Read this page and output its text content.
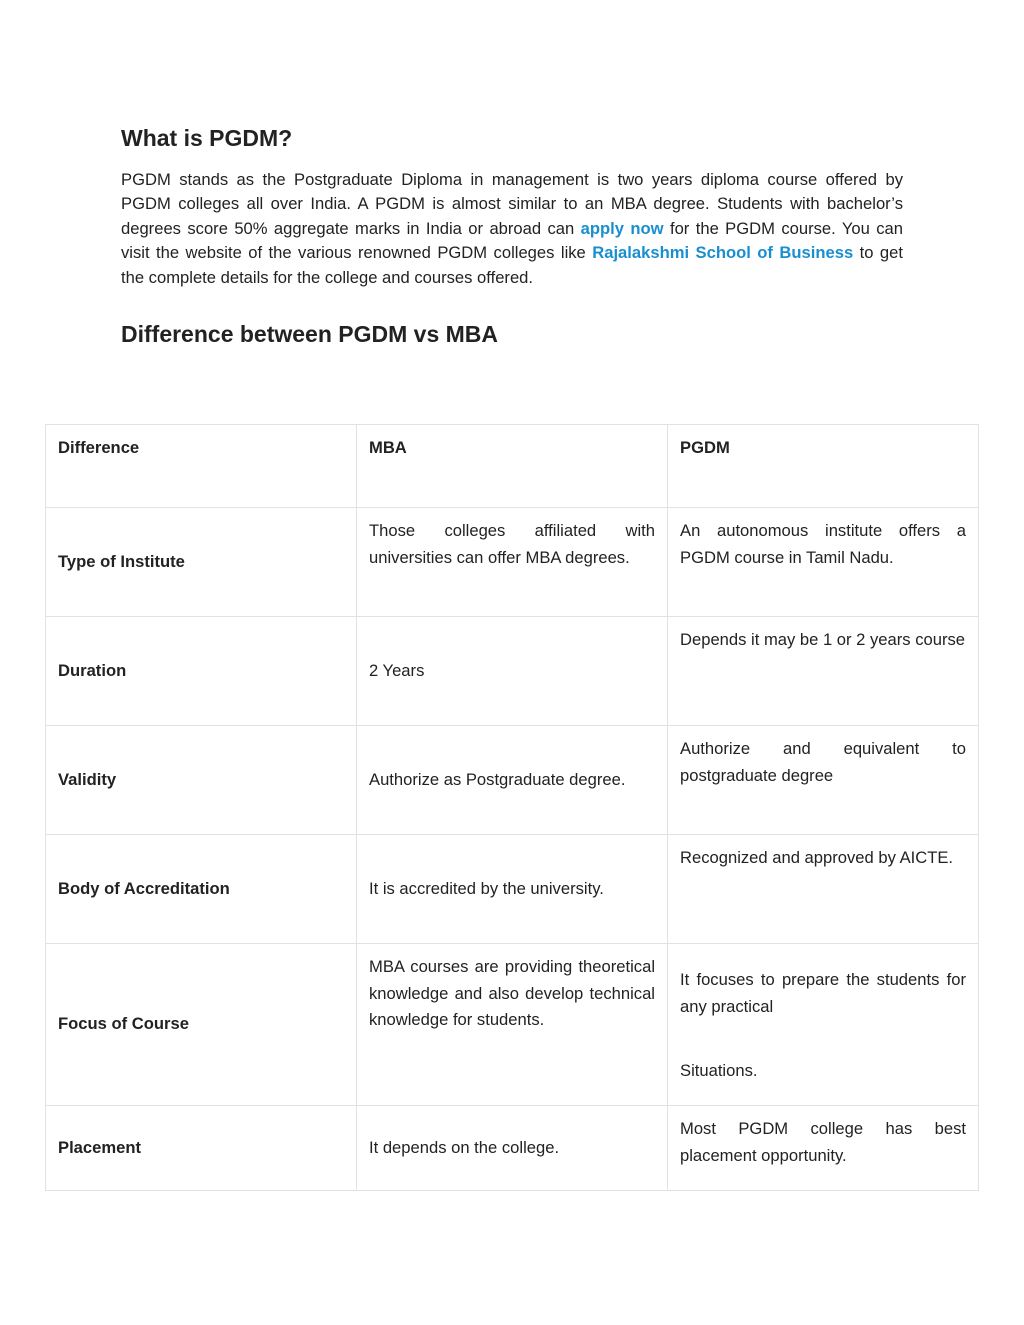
What is PGDM?

PGDM stands as the Postgraduate Diploma in management is two years diploma course offered by PGDM colleges all over India. A PGDM is almost similar to an MBA degree. Students with bachelor’s degrees score 50% aggregate marks in India or abroad can apply now for the PGDM course. You can visit the website of the various renowned PGDM colleges like Rajalakshmi School of Business to get the complete details for the college and courses offered.

Difference between PGDM vs MBA
Difference	MBA	PGDM
Type of Institute	Those colleges affiliated with universities can offer MBA degrees.	An autonomous institute offers a PGDM course in Tamil Nadu.
Duration	2 Years	Depends it may be 1 or 2 years course
Validity	Authorize as Postgraduate degree.	Authorize and equivalent to postgraduate degree
Body of Accreditation	It is accredited by the university.	Recognized and approved by AICTE.
Focus of Course	MBA courses are providing theoretical knowledge and also develop technical knowledge for students.	It focuses to prepare the students for any practical
Situations.

Placement	It depends on the college.	Most PGDM college has best placement opportunity.
